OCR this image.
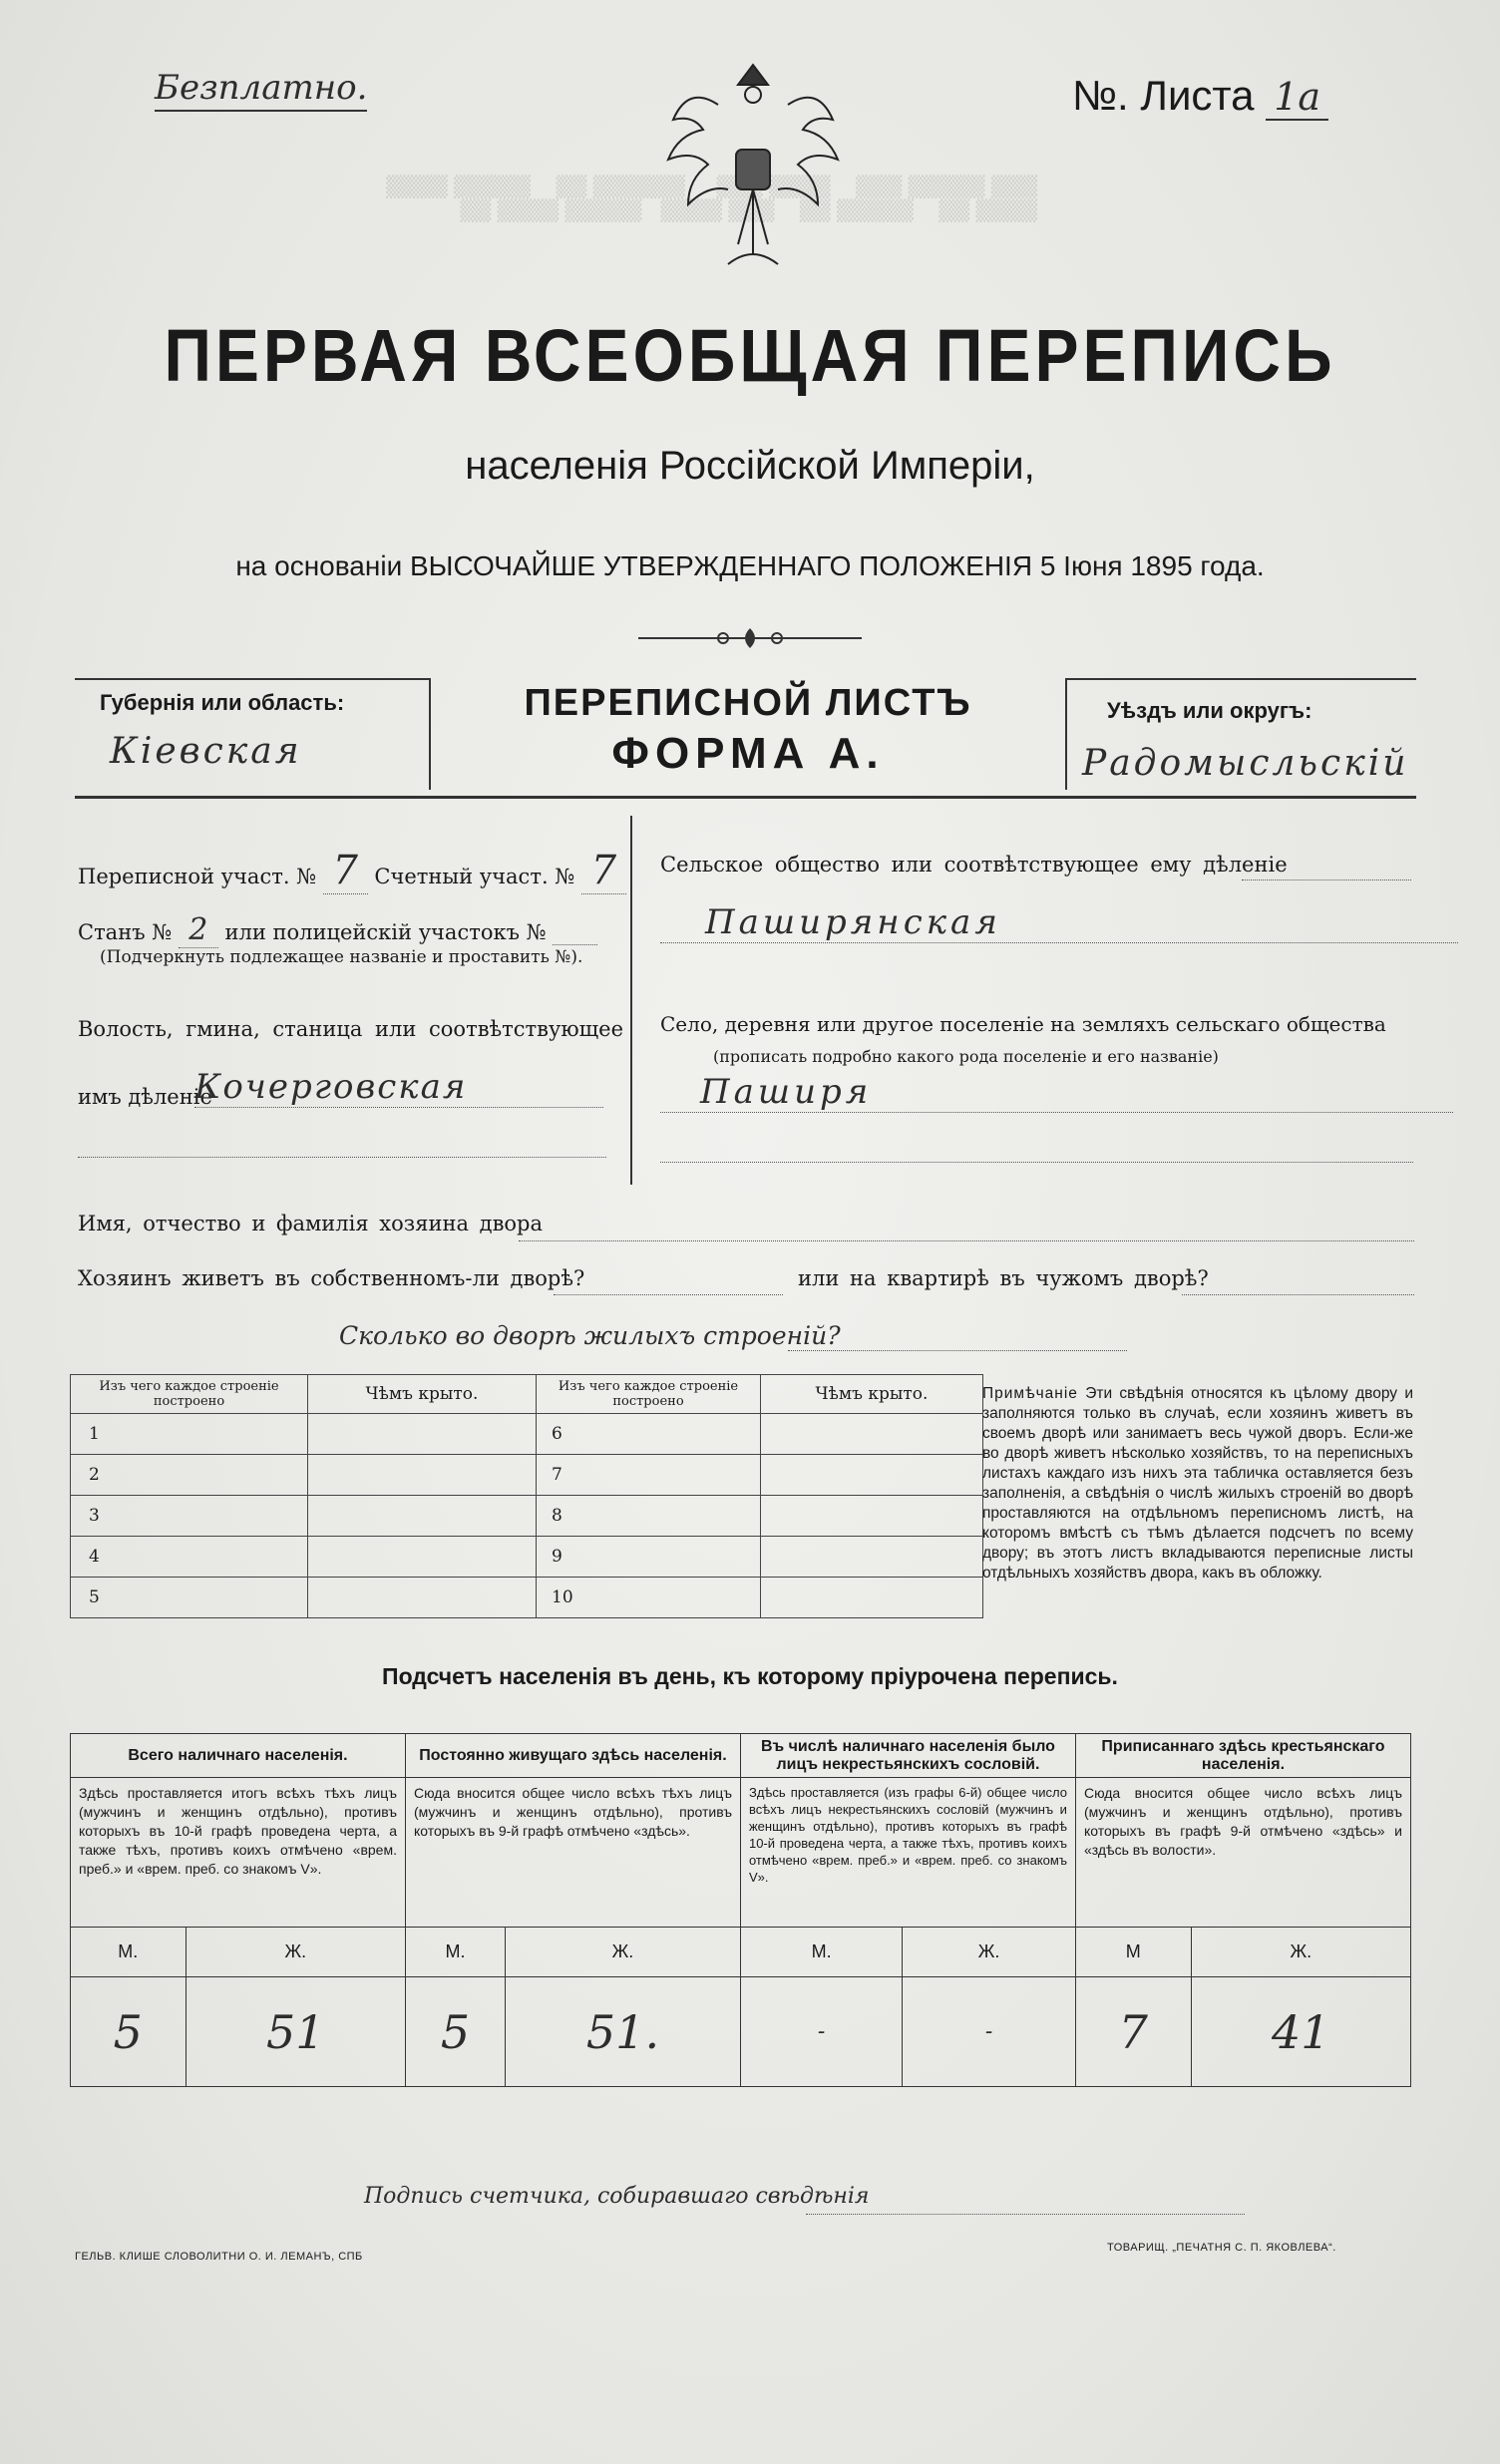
▒▒▒ ▒▒▒▒▒ ▒▒▒    ▒▒▒▒ ▒▒▒     ▒▒▒▒▒▒ ▒▒    ▒▒▒▒▒ ▒▒▒▒
▒▒▒▒ ▒▒    ▒▒▒▒▒ ▒▒    ▒▒▒ ▒▒▒▒   ▒▒▒▒▒ ▒▒▒▒ ▒▒
Безплатно.	№. Листа 1а
ПЕРВАЯ ВСЕОБЩАЯ ПЕРЕПИСЬ
населенія Россійской Имперіи,
на основаніи ВЫСОЧАЙШЕ УТВЕРЖДЕННАГО ПОЛОЖЕНІЯ 5 Іюня 1895 года.
Губернія или область:
Кіевская
ПЕРЕПИСНОЙ ЛИСТЪ
ФОРМА А.
Уѣздъ или округъ:
Радомысльскій
Переписной участ. № 7 Счетный участ. № 7
Станъ № 2 или полицейскій участокъ №
(Подчеркнуть подлежащее названіе и проставить №).
Волость, гмина, станица или соотвѣтствующее
имъ дѣленіе
Кочерговская
Сельское общество или соотвѣтствующее ему дѣленіе
Паширянская
Село, деревня или другое поселеніе на земляхъ сельскаго общества
(прописать подробно какого рода поселеніе и его названіе)
Паширя
Имя, отчество и фамилія хозяина двора
Хозяинъ живетъ въ собственномъ-ли дворѣ?	или на квартирѣ въ чужомъ дворѣ?
Сколько во дворѣ жилыхъ строеній?
Изъ чего каждое строеніе построено	Чѣмъ крыто.	Изъ чего каждое строеніе построено	Чѣмъ крыто.
1		6	
2		7	
3		8	
4		9	
5		10	
Примѣчаніе Эти свѣдѣнія относятся къ цѣлому двору и заполняются только въ случаѣ, если хозяинъ живетъ въ своемъ дворѣ или занимаетъ весь чужой дворъ. Если-же во дворѣ живетъ нѣсколько хозяйствъ, то на переписныхъ листахъ каждаго изъ нихъ эта табличка оставляется безъ заполненія, а свѣдѣнія о числѣ жилыхъ строеній во дворѣ проставляются на отдѣльномъ переписномъ листѣ, на которомъ вмѣстѣ съ тѣмъ дѣлается подсчетъ по всему двору; въ этотъ листъ вкладываются переписные листы отдѣльныхъ хозяйствъ двора, какъ въ обложку.
Подсчетъ населенія въ день, къ которому пріурочена перепись.
Всего наличнаго населенія.		Постоянно живущаго здѣсь населенія.		Въ числѣ наличнаго населенія было лицъ некрестьянскихъ сословій.		Приписаннаго здѣсь крестьянскаго населенія.	
Здѣсь проставляется итогъ всѣхъ тѣхъ лицъ (мужчинъ и женщинъ отдѣльно), противъ которыхъ въ 10-й графѣ проведена черта, а также тѣхъ, противъ коихъ отмѣчено «врем. преб.» и «врем. преб. со знакомъ V».		Сюда вносится общее число всѣхъ тѣхъ лицъ (мужчинъ и женщинъ отдѣльно), противъ которыхъ въ 9-й графѣ отмѣчено «здѣсь».		Здѣсь проставляется (изъ графы 6-й) общее число всѣхъ лицъ некрестьянскихъ сословій (мужчинъ и женщинъ отдѣльно), противъ которыхъ въ графѣ 10-й проведена черта, а также тѣхъ, противъ коихъ отмѣчено «врем. преб.» и «врем. преб. со знакомъ V».		Сюда вносится общее число всѣхъ лицъ (мужчинъ и женщинъ отдѣльно), противъ которыхъ въ графѣ 9-й отмѣчено «здѣсь» и «здѣсь въ волости».	
М.	Ж.	М.	Ж.	М.	Ж.	М	Ж.
5	51	5	51.	-	-	7	41
Подпись счетчика, собиравшаго свѣдѣнія
ГЕЛЬВ. КЛИШЕ СЛОВОЛИТНИ О. И. ЛЕМАНЪ, СПБ
ТОВАРИЩ. „ПЕЧАТНЯ С. П. ЯКОВЛЕВА“.
